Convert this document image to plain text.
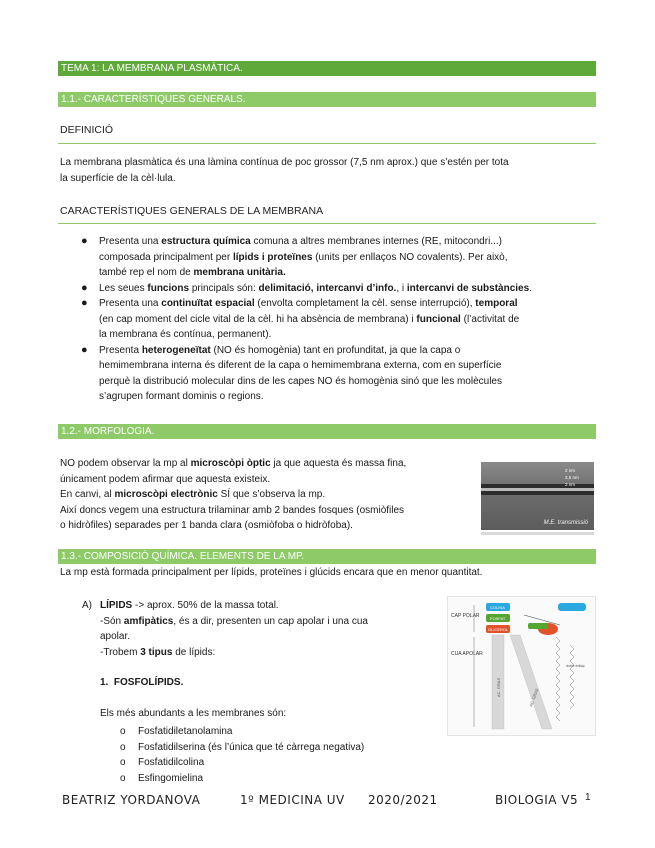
TEMA 1: LA MEMBRANA PLASMÀTICA.
1.1.- CARACTERÍSTIQUES GENERALS.
DEFINICIÓ
La membrana plasmàtica és una làmina contínua de poc grossor (7,5 nm aprox.) que s’estén per tota
la superfície de la cèl·lula.
CARACTERÍSTIQUES GENERALS DE LA MEMBRANA
● Presenta una estructura química comuna a altres membranes internes (RE, mitocondri...)
composada principalment per lípids i proteïnes (units per enllaços NO covalents). Per això,
també rep el nom de membrana unitària.
● Les seues funcions principals són: delimitació, intercanvi d’info., i intercanvi de substàncies.
● Presenta una continuïtat espacial (envolta completament la cèl. sense interrupció), temporal
(en cap moment del cicle vital de la cèl. hi ha absència de membrana) i funcional (l’activitat de
la membrana és contínua, permanent).
● Presenta heterogeneïtat (NO és homogènia) tant en profunditat, ja que la capa o
hemimembrana interna és diferent de la capa o hemimembrana externa, com en superfície
perquè la distribució molecular dins de les capes NO és homogènia sinó que les molècules
s’agrupen formant dominis o regions.
1.2.- MORFOLOGIA.
NO podem observar la mp al microscòpi òptic ja que aquesta és massa fina,
únicament podem afirmar que aquesta existeix.
En canvi, al microscòpi electrònic SÍ que s’observa la mp.
Així doncs vegem una estructura trilaminar amb 2 bandes fosques (osmiòfiles
o hidròfiles) separades per 1 banda clara (osmiòfoba o hidròfoba).
2 nm
3,5 nm
2 nm
M.E. transmissió
1.3.- COMPOSICIÓ QUÍMICA. ELEMENTS DE LA MP.
La mp està formada principalment per lípids, proteïnes i glúcids encara que en menor quantitat.
A) LÍPIDS -> aprox. 50% de la massa total.
-Són amfipàtics, és a dir, presenten un cap apolar i una cua
apolar.
-Trobem 3 tipus de lípids:
1. FOSFOLÍPIDS.
Els més abundants a les membranes són:
o Fosfatidiletanolamina
o Fosfatidilserina (és l’única que té càrrega negativa)
o Fosfatidilcolina
o Esfingomielina
CAP POLAR
CUA APOLAR
COLINA
FOSFAT
GLICEROL
AC. GRAS
AC. GRAS
doble enllaç
BEATRIZ YORDANOVA	1º MEDICINA UV 2020/2021	BIOLOGIA V5 1
